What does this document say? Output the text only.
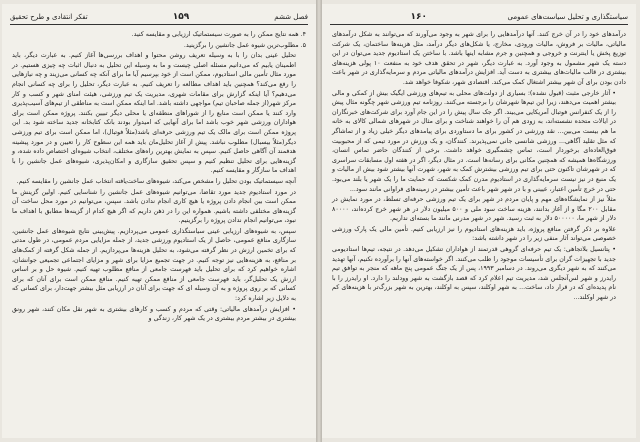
فصل ششم
۱۵۹
تفکر انتقادی و طرح تحقیق

۴. همه نتایج ممکن را به صورت سیستماتیک ارزیابی و مقایسه کنید.

۵. مطلوب‌ترین شیوه عمل جانشین را برگزینید.

تحلیل عینی‌ بدان را با به وسیله تعریف روشن محتوا و اهداف بررسی‌ها آغاز کنیم. به عبارت دیگر، باید اطمینان یابیم که می‌دانیم مسئله اصلی چیست و ما به وسیله این تحلیل به دنبال اثبات چه چیزی هستیم. در مورد مثال تأمین مالی استادیوم، ممکن است از خود بپرسیم آیا ما برای آنکه چه کسانی می‌زیند و چه نیازهایی را رفع می‌کند؟ همچنین باید اهداف مطالعه را تعریف کنیم. به عبارت دیگر، تحلیل را برای چه کسانی انجام می‌دهیم؟ آیا اینکه گزارش برای مقامات شهری، مدیریت یک تیم ورزشی، هیئت امنای شهر و کسب و کار مرکز شهر(از جمله صاحبان تیم) مواجهی داشته باشد. اما اینکه ممکن است به مناطقی از تیم‌های آسیب‌پذیری وارد کنند یا ممکن است منابع را از شوراهای منطقه‌ای یا محلی دیگر تبیین بکنند. پروژه ممکن است برای هواداران ورزشی شهر خوب باشد اما برای آنهایی که امیدوار بودند بانک کتابخانه جدید ساخته شود بد. این پروژه ممکن است برای مالک یک تیم ورزشی حرفه‌ای باشد(مثلاً فوتبال)، اما ممکن است برای تیم ورزشی دیگر(مثلاً بیسبال) مطلوب نباشد. پیش از آغاز تحلیل‌مان باید همه این سطوح کار را تعیین و در مورد پیشینه هدفمند آن آگاهی حاصل کنیم. سپس به نمایش بهترین راه‌های مختلف، انتخاب شیوه‌ای اختصاص داده شده، و گزینه‌هایی برای تحلیل تنظیم کنیم و سپس تحقیق سازگاری و امکان‌پذیری، شیوه‌های عمل جانشین را با اهداف ما سازگار و مقایسه کنیم.

آنچه سیستماتیک بودن تحلیل را مشخص می‌کند، شیوه‌های ساخت‌یافته انتخاب عمل جانشین را مقایسه کنیم.

در مورد استادیوم جدید مورد تقاضا، می‌توانیم شیوه‌های عمل جانشین را شناسایی کنیم. اولین گزینش ما ممکن است بین انجام دادن پروژه یا هیچ کاری انجام ندادن باشد. سپس، می‌توانیم در مورد محل ساخت آن گزینه‌های مختلفی داشته باشیم. همواره این را در ذهن داریم که اگر هیچ کدام از گزینه‌ها مطابق با اهداف ما نبود، می‌توانیم انجام ندادن پروژه را برگزینیم.

سپس، به شیوه‌های ارزیابی عینی سیاستگذاری عمومی می‌پردازیم. پیش‌بینی نتایج شیوه‌های عمل جانشین، سازگاری منافع عمومی، حاصل از یک استادیوم ورزشی جدید، از جمله مزایایی مردم عمومی، در طول مدتی که برای تخمین ارزش در نظر گرفته می‌شود، به تحلیل هزینه‌ها می‌پردازیم. از جمله شکل گرفته از کمک‌های بر منافع، به هزینه‌هایی نیز توجه کنیم. در جهت تجمیع مزایا برای شهر و مزایای اجتماعی تجمیعی جوانشان، اشاره خواهیم کرد که برای تحلیل باید فهرست جامعی از منافع مطلوب تهیه کنیم. شیوه حل و بر اساس ارزش یک تحلیل‌گر، باید فهرست جامعی از منافع ممکن تهیه کنیم. منافع ممکن است برای آنان که برای کسانی که بر روی پروژه و به آن وسیله ای که جهت برای آنان در ارزیابی مثل بیشتر جهت‌دار، برای کسانی که به دلایل زیر اشاره کرد:

• افزایش درآمدهای مالیاتی: وقتی که مردم و کسب و کارهای بیشتری به شهر نقل مکان کنند، شهر رونق بیشتری در بیشتر مردم بیشتری در یک شهر کار، زندگی و

سیاستگذاری و تحلیل سیاست‌های عمومی
۱۶۰

درآمدهای خود را در آن خرج کنند. آنها درآمدهایی را برای شهر به وجود می‌آورند که می‌توانند به شکل درآمدهای مالیاتی، مالیات بر فروش، مالیات ورودی، مخارج، یا شکل‌های دیگر درآمد، مثل هزینه‌ها ساختمان، یک شرکت توزیع پخش یا اینترنت و خروجی و همچنین و جرم مشابه اینها باشد. با ساختن یک استادیوم جدید می‌توان در این دسته یک شهر مشمول به وجود آورد. به عبارت دیگر، شهر در تحقق هدف خود به منفعت ۱۰ پولی هزینه‌های بیشتری در قالب مالیات‌های بیشتری به دست آید. افزایش درآمدهای مالیاتی مردم و سرمایه‌گذاری در شهر باعث دادن بودن برای آن شهر بیشتر اشتغال کمک می‌کند. اقتصادی شهر، شکوفا خواهد شد.

• آثار خارجی مثبت (قبول نشده): بسیاری از دولت‌های محلی به تیم‌های ورزشی ایگیک بیش از کمکی و مالی بیشتر اهمیت می‌دهند، زیرا این تیم‌ها شهرشان را برجسته می‌کنند. روزنامه تیم ورزشی شهر چگونه مثال پیش را از یک کنفرانس فوتبال آمریکایی می‌بیند. اگر جک سال پیش را در این جام آورد برای شرکت‌های خبرنگاران در ایالات متحده نشسته‌اند، به زودی هم آن را خواهند شناخت و برای مثال در شهرهای شمالی کالای به خانه ما هم بیست می‌بین... نقد ورزشی در کشور برای ما دستاوردی برای پیامدهای دیگر خیلی زیاد و از تماشاگر که مثل تقلید آگاهی... ورزشی شانسی جانی نمی‌پذیرند. کنندگان، و یک ورزش در مورد تیمی که از محبوبیت فوق‌العاده‌ای برخوردار است، تماس چشمگیری خواهد داشت. برخی از کنندگان حاضر تماس انسان، ورزشگاه‌ها همیشه که همچنین مکانی برای رسانه‌ها است. در مثال دیگر، اگر در هفته اول مسابقات سراسری که در شهرشان تاکنون حتی برای تیم ورزشی بیشترش کمک به شهر، شهرت آنها بیشتر شود بیش از مالیات و یک منبع در نیز نیست سرمایه‌گذاری در استادیوم مدرن کمک شکست که حمایت ما را یک شهر یا بلند می‌بود. حتی در خرچ تأمین اعتبار، عیینی و با در شهر شهر باعث تأمین بیشتر در زمینه‌های فراوانی مانند سود...

مثلاً نیز از نمایشگاه‌های مهم و پایان مردم در شهر برای یک تیم ورزشی حرفه‌ای تسلط، در مورد نمایش در مقابل ۲۰۰ مگا و از آغاز بدانند، هزینه ساخت سود ملی و ۵۰۰ میلیون دلار در هر شهر خرج کرده‌اند، ۸۰۰۰۰ دلار از شهر ما، ۵۰۰۰۰۰ دلار به ثبت رسید. شهر در شهر مدرنی مانند ما بسته‌ای نداریم.

علاوه بر ذکر گرفتن منافع پروژه، باید هزینه‌های استادیوم را نیز ارزیابی کنیم. تأمین مالی یک پارک ورزشی خصوصی می‌تواند آثار منفی زیر را در شهر داشته باشد:

• پتانسیل بلاتجاهی: یک تیم حرفه‌ای گروهی قدرتمند از هواداران تشکیل می‌دهد. در نتیجه، تیم‌ها استادیومی جدید با تجهیزات گران برای تأسیسات موجود را طلب می‌کنند. اگر خواسته‌های آنها را برآورده نکنیم، آنها تهدید می‌کنند که به شهر دیگری می‌روند. در دسامبر ۱۹۹۳، پس از یک جنگ عمومی پنج ماهه که منجر به توافق تیم رایدرز و شهر لس‌آنجلس شد، مدیریت تیم اعلام کرد که قصد بازگشت به شهر وودلند را دارد. او رایدرز را با نام پدیده‌ای که در قرار داد، ساخت... به شهر اوکلند، سپس به اوکلند، بهترین به شهر بزرگ‌تر با هزینه‌های کم در شهر اوکلند...
